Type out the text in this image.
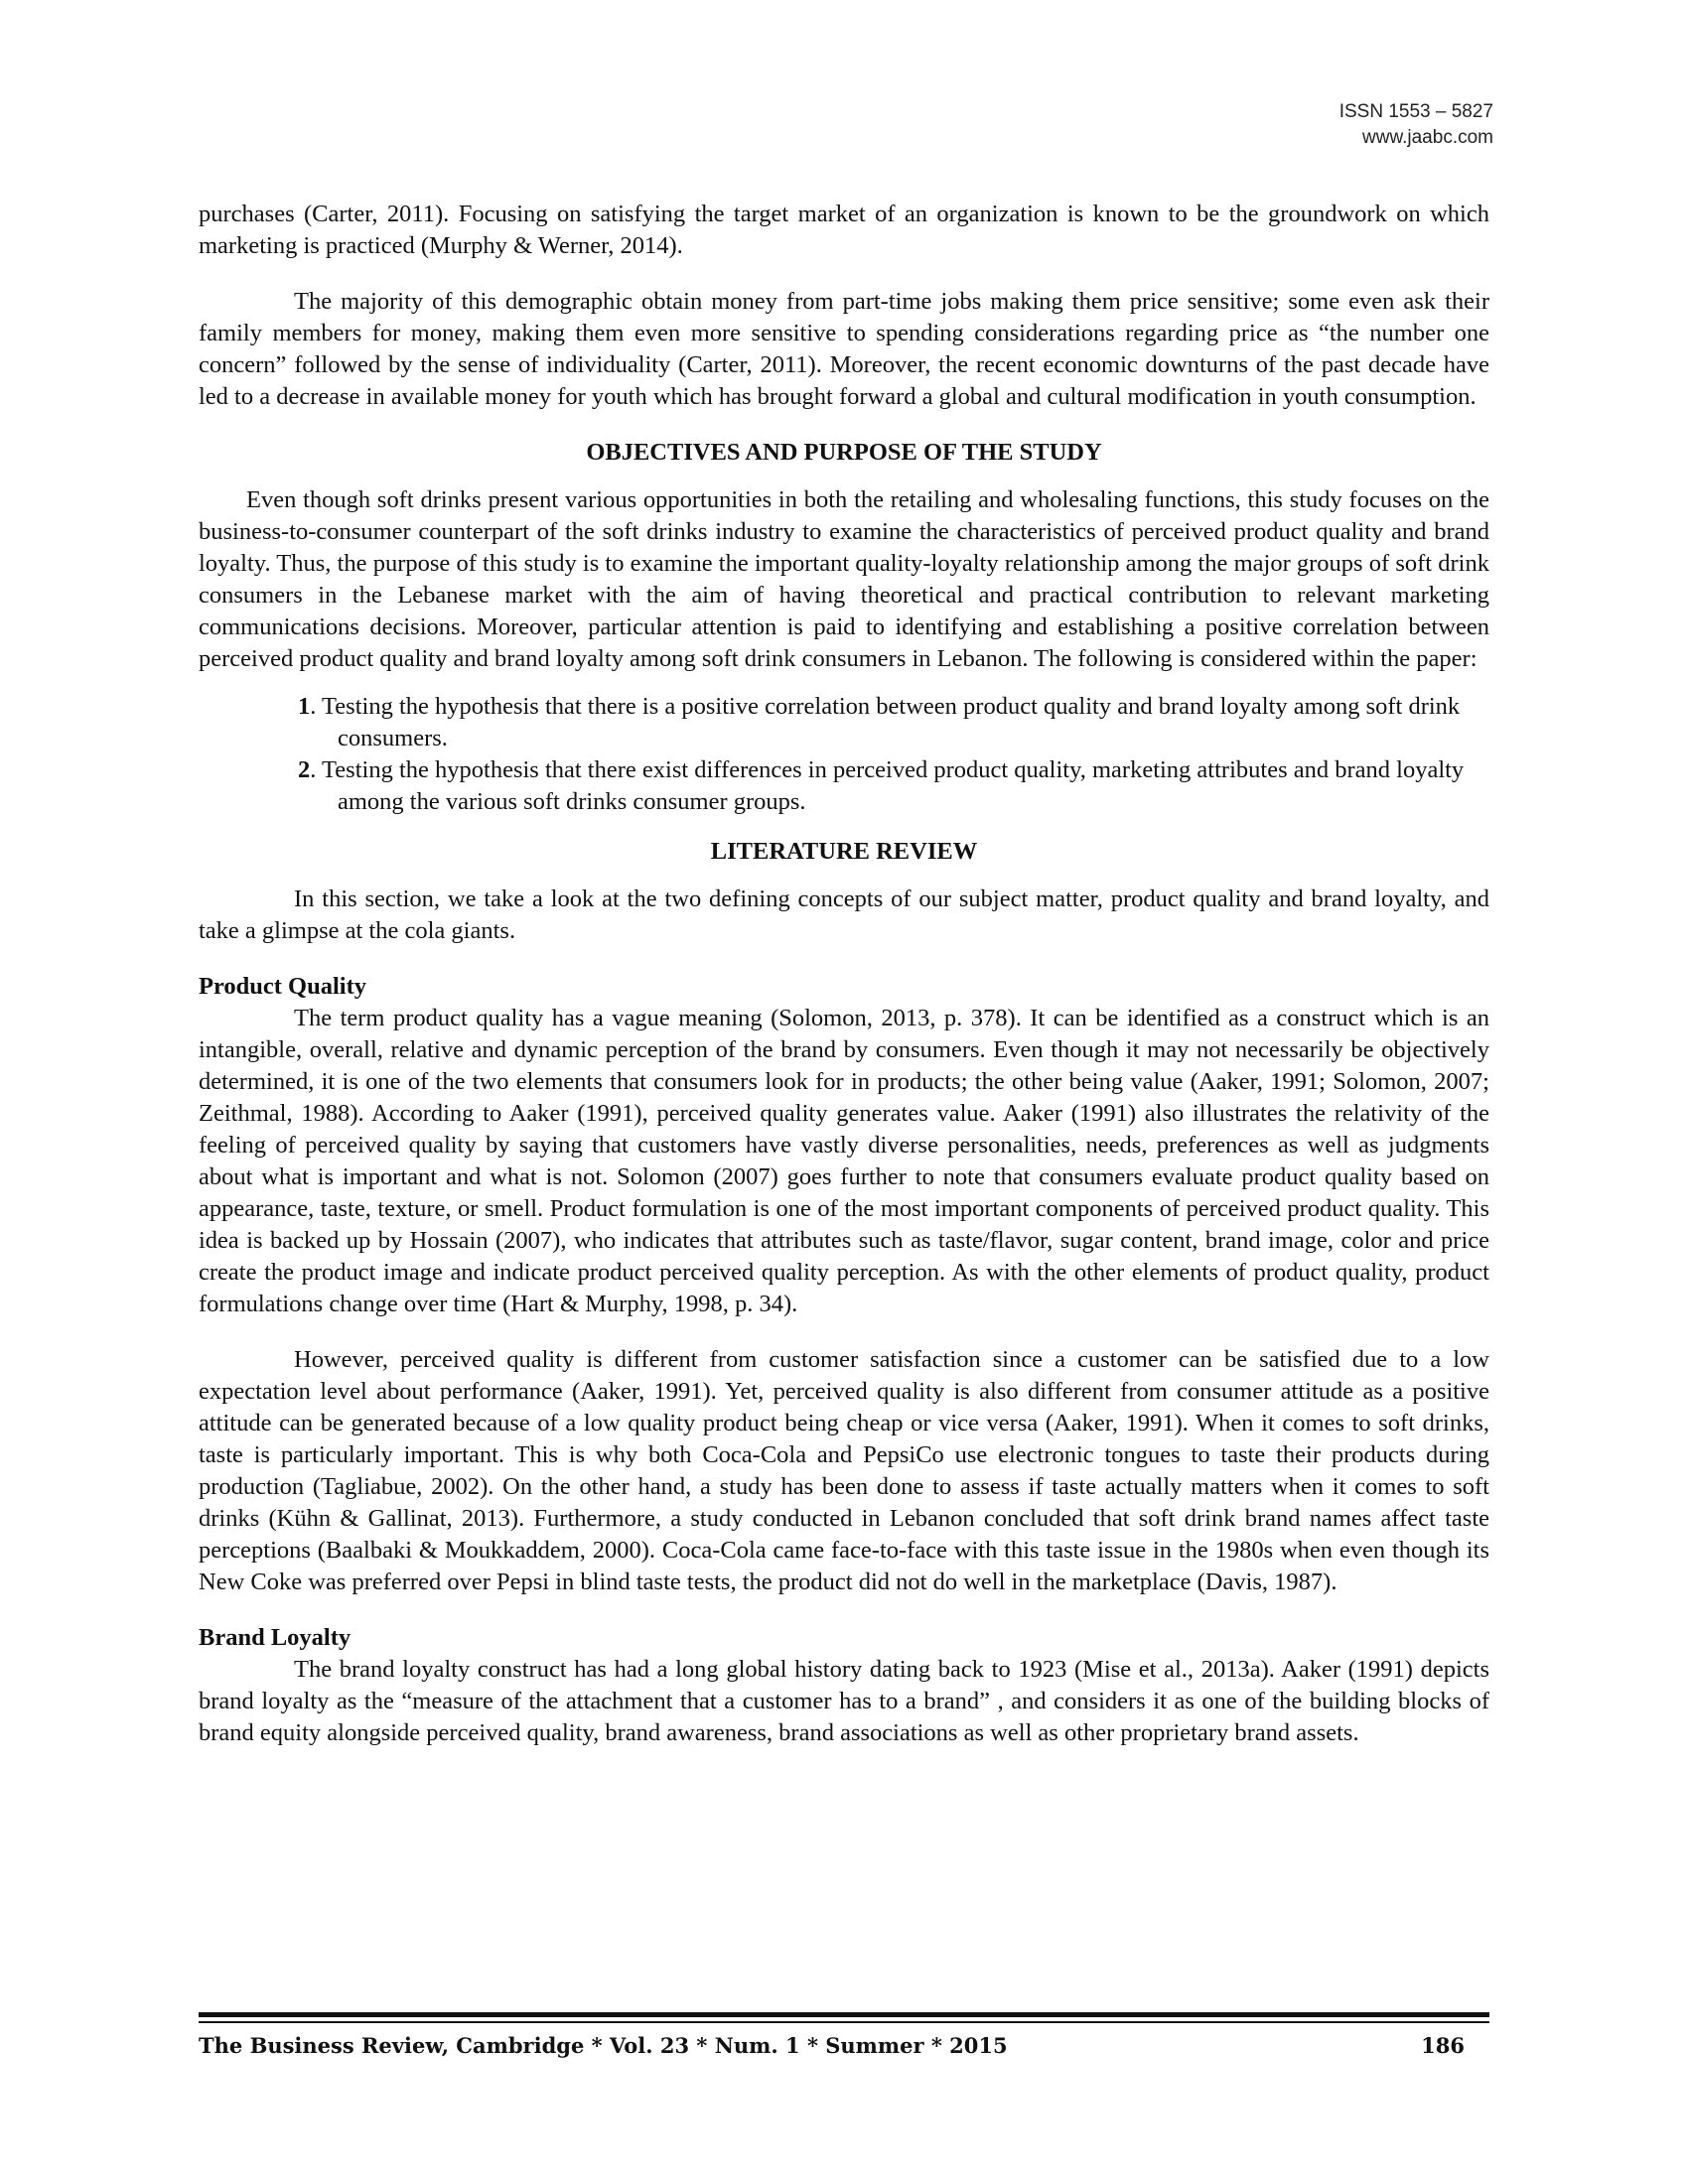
ISSN 1553 – 5827
www.jaabc.com

purchases (Carter, 2011). Focusing on satisfying the target market of an organization is known to be the groundwork on which marketing is practiced (Murphy & Werner, 2014).

The majority of this demographic obtain money from part-time jobs making them price sensitive; some even ask their family members for money, making them even more sensitive to spending considerations regarding price as “the number one concern” followed by the sense of individuality (Carter, 2011). Moreover, the recent economic downturns of the past decade have led to a decrease in available money for youth which has brought forward a global and cultural modification in youth consumption.

OBJECTIVES AND PURPOSE OF THE STUDY

Even though soft drinks present various opportunities in both the retailing and wholesaling functions, this study focuses on the business-to-consumer counterpart of the soft drinks industry to examine the characteristics of perceived product quality and brand loyalty. Thus, the purpose of this study is to examine the important quality-loyalty relationship among the major groups of soft drink consumers in the Lebanese market with the aim of having theoretical and practical contribution to relevant marketing communications decisions. Moreover, particular attention is paid to identifying and establishing a positive correlation between perceived product quality and brand loyalty among soft drink consumers in Lebanon. The following is considered within the paper:

1. Testing the hypothesis that there is a positive correlation between product quality and brand loyalty among soft drink consumers.
2. Testing the hypothesis that there exist differences in perceived product quality, marketing attributes and brand loyalty among the various soft drinks consumer groups.
LITERATURE REVIEW

In this section, we take a look at the two defining concepts of our subject matter, product quality and brand loyalty, and take a glimpse at the cola giants.

Product Quality

The term product quality has a vague meaning (Solomon, 2013, p. 378). It can be identified as a construct which is an intangible, overall, relative and dynamic perception of the brand by consumers. Even though it may not necessarily be objectively determined, it is one of the two elements that consumers look for in products; the other being value (Aaker, 1991; Solomon, 2007; Zeithmal, 1988). According to Aaker (1991), perceived quality generates value. Aaker (1991) also illustrates the relativity of the feeling of perceived quality by saying that customers have vastly diverse personalities, needs, preferences as well as judgments about what is important and what is not. Solomon (2007) goes further to note that consumers evaluate product quality based on appearance, taste, texture, or smell. Product formulation is one of the most important components of perceived product quality. This idea is backed up by Hossain (2007), who indicates that attributes such as taste/flavor, sugar content, brand image, color and price create the product image and indicate product perceived quality perception. As with the other elements of product quality, product formulations change over time (Hart & Murphy, 1998, p. 34).

However, perceived quality is different from customer satisfaction since a customer can be satisfied due to a low expectation level about performance (Aaker, 1991). Yet, perceived quality is also different from consumer attitude as a positive attitude can be generated because of a low quality product being cheap or vice versa (Aaker, 1991). When it comes to soft drinks, taste is particularly important. This is why both Coca-Cola and PepsiCo use electronic tongues to taste their products during production (Tagliabue, 2002). On the other hand, a study has been done to assess if taste actually matters when it comes to soft drinks (Kühn & Gallinat, 2013). Furthermore, a study conducted in Lebanon concluded that soft drink brand names affect taste perceptions (Baalbaki & Moukkaddem, 2000). Coca-Cola came face-to-face with this taste issue in the 1980s when even though its New Coke was preferred over Pepsi in blind taste tests, the product did not do well in the marketplace (Davis, 1987).

Brand Loyalty

The brand loyalty construct has had a long global history dating back to 1923 (Mise et al., 2013a). Aaker (1991) depicts brand loyalty as the “measure of the attachment that a customer has to a brand” , and considers it as one of the building blocks of brand equity alongside perceived quality, brand awareness, brand associations as well as other proprietary brand assets.

The Business Review, Cambridge * Vol. 23 * Num. 1 * Summer * 2015	186
